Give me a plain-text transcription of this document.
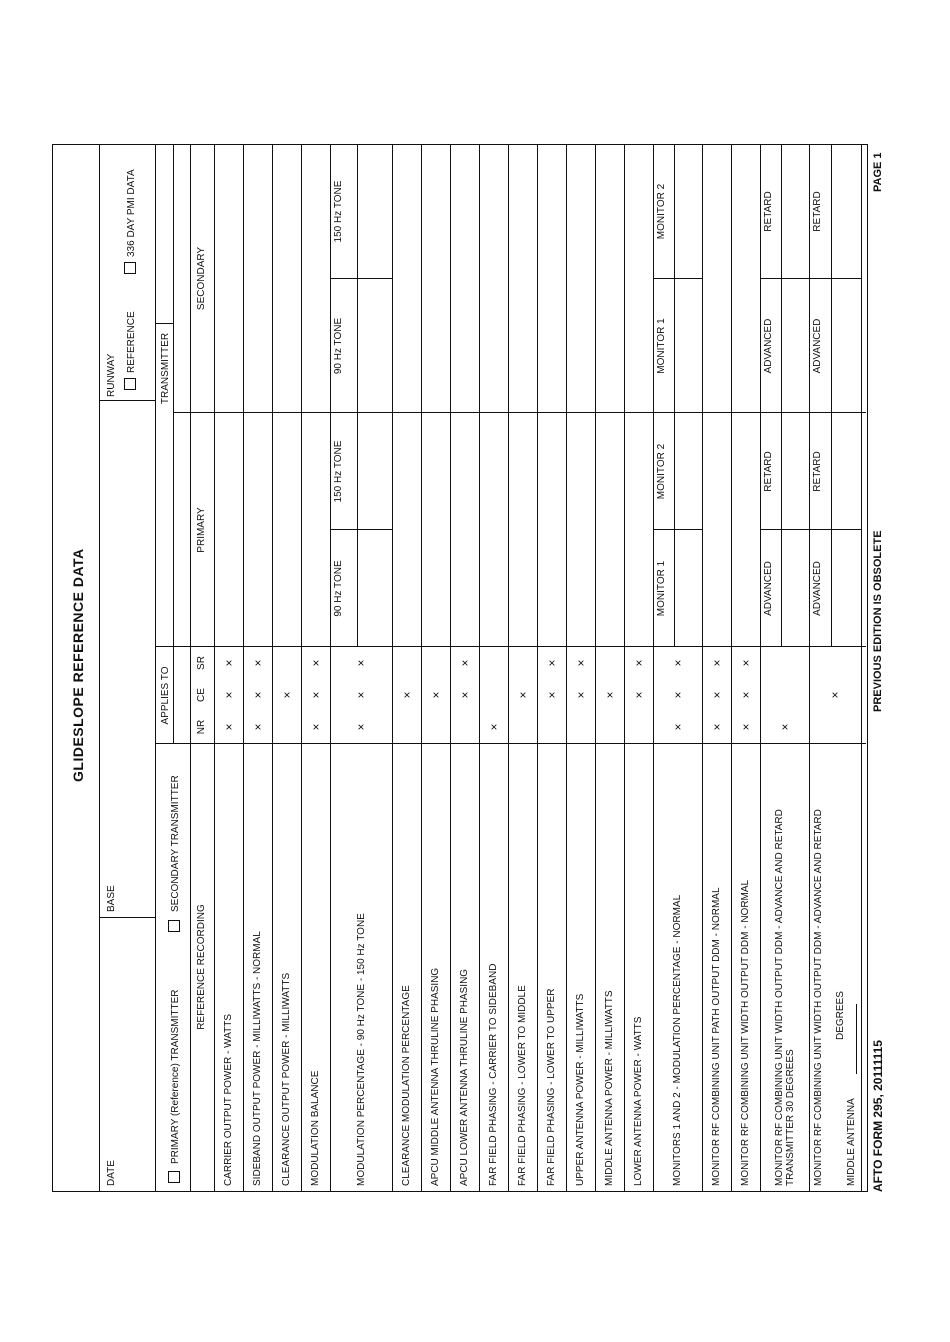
GLIDESLOPE REFERENCE DATA
DATE
BASE
RUNWAY
PRIMARY (Reference) TRANSMITTER
SECONDARY TRANSMITTER
REFERENCE RECORDING
APPLIES TO
NR
CE
SR
TRANSMITTER
REFERENCE
336 DAY PMI DATA
PRIMARY
SECONDARY
CARRIER OUTPUT POWER - WATTS
×
×
×
SIDEBAND OUTPUT POWER - MILLIWATTS - NORMAL
×
×
×
CLEARANCE OUTPUT POWER - MILLIWATTS
×
MODULATION BALANCE
×
×
×
MODULATION PERCENTAGE - 90 Hz TONE - 150 Hz TONE
×
×
×
90 Hz TONE
150 Hz TONE
90 Hz TONE
150 Hz TONE
CLEARANCE MODULATION PERCENTAGE
×
APCU MIDDLE ANTENNA THRULINE PHASING
×
APCU LOWER ANTENNA THRULINE PHASING
×
×
FAR FIELD PHASING - CARRIER TO SIDEBAND
×
FAR FIELD PHASING - LOWER TO MIDDLE
×
FAR FIELD PHASING - LOWER TO UPPER
×
×
UPPER ANTENNA POWER - MILLIWATTS
×
×
MIDDLE ANTENNA POWER - MILLIWATTS
×
LOWER ANTENNA POWER - WATTS
×
×
MONITORS 1 AND 2 - MODULATION PERCENTAGE - NORMAL
×
×
×
MONITOR 1
MONITOR 2
MONITOR 1
MONITOR 2
MONITOR RF COMBINING UNIT PATH OUTPUT DDM - NORMAL
×
×
×
MONITOR RF COMBINING UNIT WIDTH OUTPUT DDM - NORMAL
×
×
×
MONITOR RF COMBINING UNIT WIDTH OUTPUT DDM - ADVANCE AND RETARD TRANSMITTER 30 DEGREES
×
ADVANCED
RETARD
ADVANCED
RETARD
MONITOR RF COMBINING UNIT WIDTH OUTPUT DDM - ADVANCE AND RETARD MIDDLE ANTENNA
DEGREES
×
ADVANCED
RETARD
ADVANCED
RETARD
AFTO FORM 295, 20111115
PREVIOUS EDITION IS OBSOLETE
PAGE 1
